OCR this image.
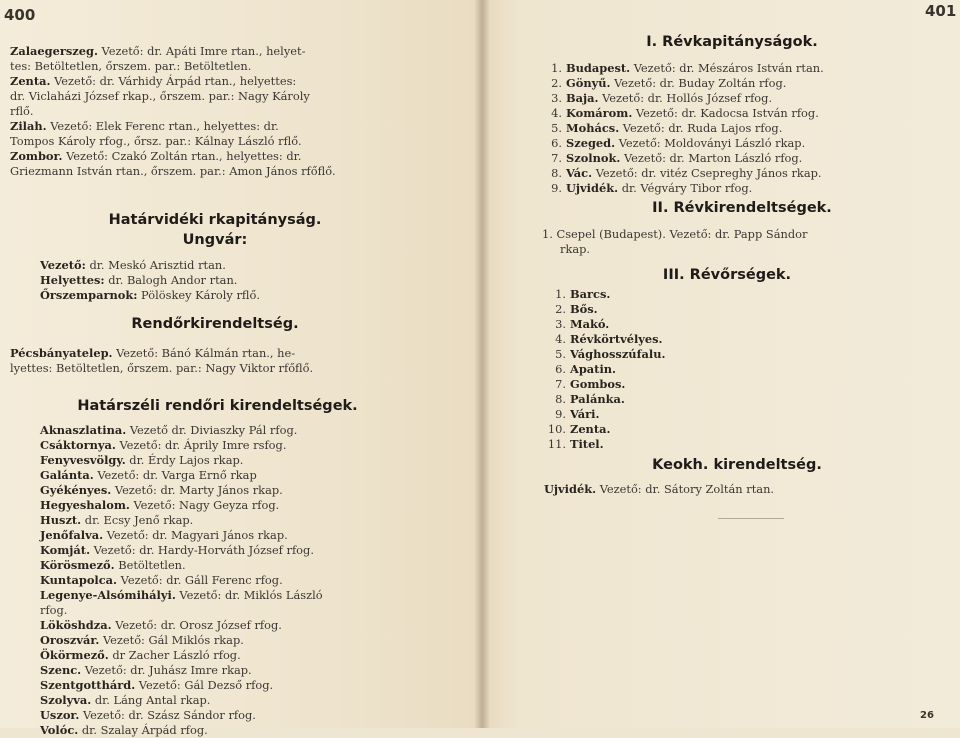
400
Zalaegerszeg. Vezető: dr. Apáti Imre rtan., helyet-
tes: Betöltetlen, őrszem. par.: Betöltetlen.
Zenta. Vezető: dr. Várhidy Árpád rtan., helyettes:
dr. Viclaházi József rkap., őrszem. par.: Nagy Károly
rflő.
Zilah. Vezető: Elek Ferenc rtan., helyettes: dr.
Tompos Károly rfog., őrsz. par.: Kálnay László rflő.
Zombor. Vezető: Czakó Zoltán rtan., helyettes: dr.
Griezmann István rtan., őrszem. par.: Amon János rfőflő.
Határvidéki rkapitányság.
Ungvár:
Vezető: dr. Meskó Arisztid rtan.
Helyettes: dr. Balogh Andor rtan.
Őrszemparnok: Pölöskey Károly rflő.
Rendőrkirendeltség.
Pécsbányatelep. Vezető: Bánó Kálmán rtan., he-
lyettes: Betöltetlen, őrszem. par.: Nagy Viktor rfőflő.
Határszéli rendőri kirendeltségek.
Aknaszlatina. Vezető dr. Diviaszky Pál rfog.
Csáktornya. Vezető: dr. Áprily Imre rsfog.
Fenyvesvölgy. dr. Érdy Lajos rkap.
Galánta. Vezető: dr. Varga Ernő rkap
Gyékényes. Vezető: dr. Marty János rkap.
Hegyeshalom. Vezető: Nagy Geyza rfog.
Huszt. dr. Ecsy Jenő rkap.
Jenőfalva. Vezető: dr. Magyari János rkap.
Komját. Vezető: dr. Hardy-Horváth József rfog.
Körösmező. Betöltetlen.
Kuntapolca. Vezető: dr. Gáll Ferenc rfog.
Legenye-Alsómihályi. Vezető: dr. Miklós László
rfog.
Lököshdza. Vezető: dr. Orosz József rfog.
Oroszvár. Vezető: Gál Miklós rkap.
Ökörmező. dr Zacher László rfog.
Szenc. Vezető: dr. Juhász Imre rkap.
Szentgotthárd. Vezető: Gál Dezső rfog.
Szolyva. dr. Láng Antal rkap.
Uszor. Vezető: dr. Szász Sándor rfog.
Volóc. dr. Szalay Árpád rfog.
I. Révkapitányságok.
1. Budapest. Vezető: dr. Mészáros István rtan.
2. Gönyű. Vezető: dr. Buday Zoltán rfog.
3. Baja. Vezető: dr. Hollós József rfog.
4. Komárom. Vezető: dr. Kadocsa István rfog.
5. Mohács. Vezető: dr. Ruda Lajos rfog.
6. Szeged. Vezető: Moldoványi László rkap.
7. Szolnok. Vezető: dr. Marton László rfog.
8. Vác. Vezető: dr. vitéz Csepreghy János rkap.
9. Ujvidék. dr. Végváry Tibor rfog.
II. Révkirendeltségek.
1. Csepel (Budapest). Vezető: dr. Papp Sándor
rkap.
III. Révőrségek.
1. Barcs.
2. Bős.
3. Makó.
4. Révkörtvélyes.
5. Vághosszúfalu.
6. Apatin.
7. Gombos.
8. Palánka.
9. Vári.
10. Zenta.
11. Titel.
Keokh. kirendeltség.
Ujvidék. Vezető: dr. Sátory Zoltán rtan.
401
26
